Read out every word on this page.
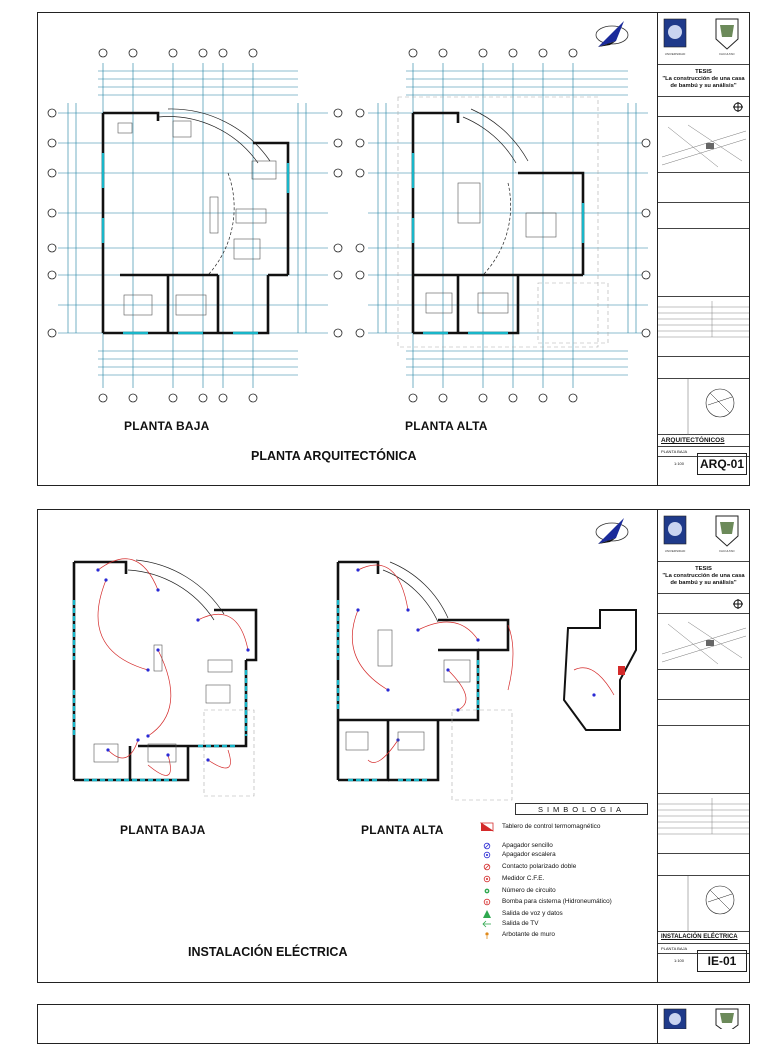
PLANTA BAJA	PLANTA ALTA
PLANTA ARQUITECTÓNICA
UNIVERSIDAD	FACULTAD
TESIS
"La construcción de una casa
de bambú y su análisis"
ARQUITECTÓNICOS
PLANTA BAJA
1:100 ARQ-01
PLANTA BAJA	PLANTA ALTA
INSTALACIÓN ELÉCTRICA
SIMBOLOGIA
Tablero de control termomagnético
Apagador sencillo
Apagador escalera
Contacto polarizado doble
Medidor C.F.E.
Número de circuito
B Bomba para cisterna (Hidroneumático)
Salida de voz y datos
Salida de TV
Arbotante de muro
UNIVERSIDAD	FACULTAD
TESIS
"La construcción de una casa
de bambú y su análisis"
INSTALACIÓN ELÉCTRICA
PLANTA BAJA
1:100	IE-01
